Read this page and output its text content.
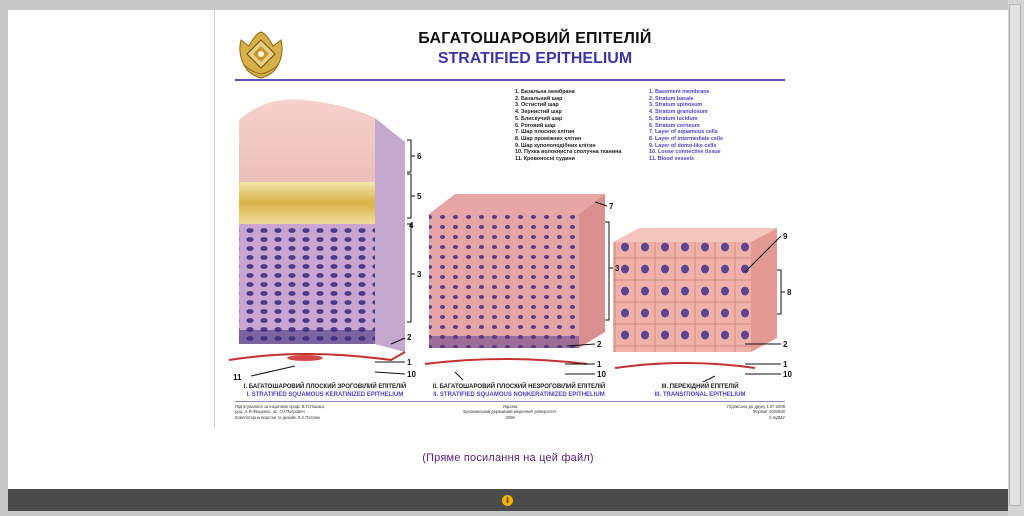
БАГАТОШАРОВИЙ ЕПІТЕЛІЙ
STRATIFIED EPITHELIUM
1. Базальна мембрана
2. Базальний шар
3. Остистий шар
4. Зернистий шар
5. Блискучий шар
6. Роговий шар
7. Шар плоских клітин
8. Шар проміжних клітин
9. Шар куполоподібних клітин
10. Пухка волокниста сполучна тканина
11. Кровоносні судини
1. Basement membrane
2. Stratum basale
3. Stratum spinosum
4. Stratum granulosum
5. Stratum lucidum
6. Stratum corneum
7. Layer of squamous cells
8. Layer of intermediate cells
9. Layer of domo-like cells
10. Loose connective tissue
11. Blood vessels
6
5
4
3
2
1
10
11
7
3
2
1
10
9
8
2
1
10
I. БАГАТОШАРОВИЙ ПЛОСКИЙ ЗРОГОВІЛИЙ ЕПІТЕЛІЙ
I. STRATIFIED SQUAMOUS KERATINIZED EPITHELIUM
II. БАГАТОШАРОВИЙ ПЛОСКИЙ НЕЗРОГОВІЛИЙ ЕПІТЕЛІЙ
II. STRATIFIED SQUAMOUS NONKERATINIZED EPITHELIUM
III. ПЕРЕХІДНИЙ ЕПІТЕЛІЙ
III. TRANSITIONAL EPITHELIUM
Підготувалися за ініціативи проф. В.П.Пішака,
доц. А.Я.Фещенко, ас. О.І.Петрович
Комп'ютерна верстка та дизайн Л.А.Пєтрюк
Україна
Буковинський державний медичний університет
2008
Підписано до друку 1.07.2008
Формат 100х840
© БДМУ
(Пряме посилання на цей файл)
i
